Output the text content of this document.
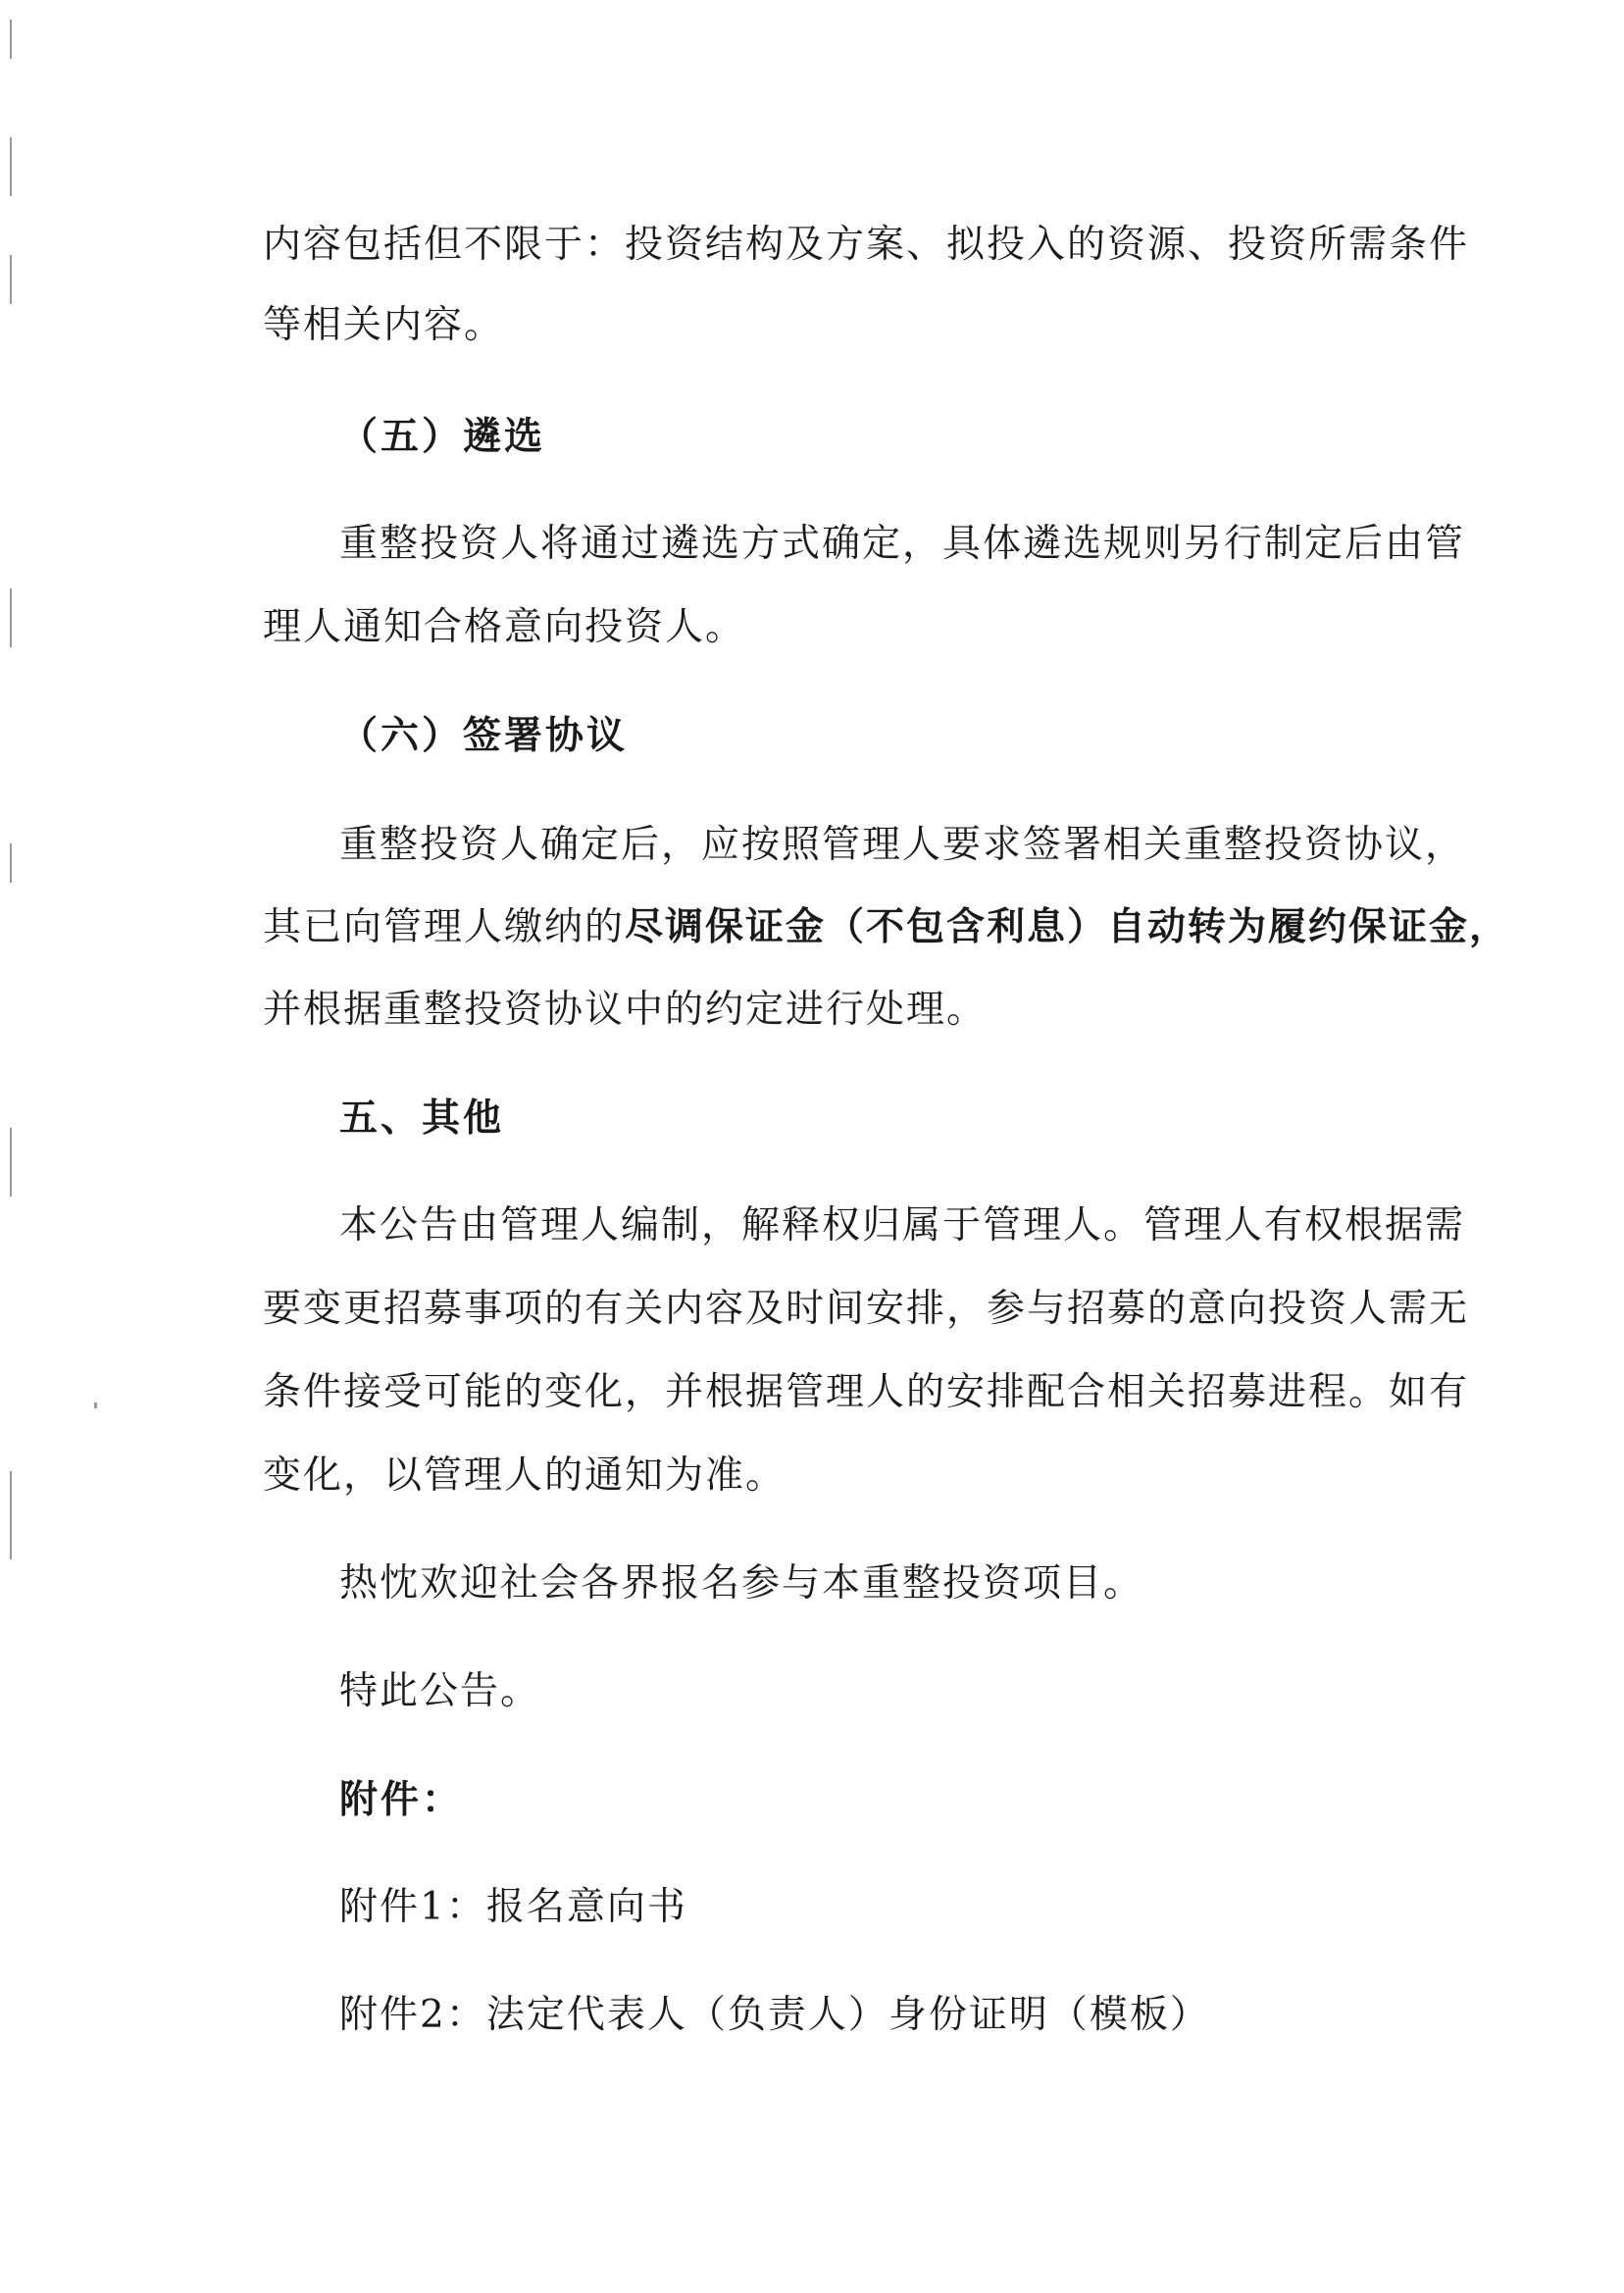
内容包括但不限于：投资结构及方案、拟投入的资源、投资所需条件
等相关内容。
（五）遴选
重整投资人将通过遴选方式确定，具体遴选规则另行制定后由管
理人通知合格意向投资人。
（六）签署协议
重整投资人确定后，应按照管理人要求签署相关重整投资协议，
其已向管理人缴纳的尽调保证金（不包含利息）自动转为履约保证金，
并根据重整投资协议中的约定进行处理。
五、其他
本公告由管理人编制，解释权归属于管理人。管理人有权根据需
要变更招募事项的有关内容及时间安排，参与招募的意向投资人需无
条件接受可能的变化，并根据管理人的安排配合相关招募进程。如有
变化，以管理人的通知为准。
热忱欢迎社会各界报名参与本重整投资项目。
特此公告。
附件：
附件1：报名意向书
附件2：法定代表人（负责人）身份证明（模板）
